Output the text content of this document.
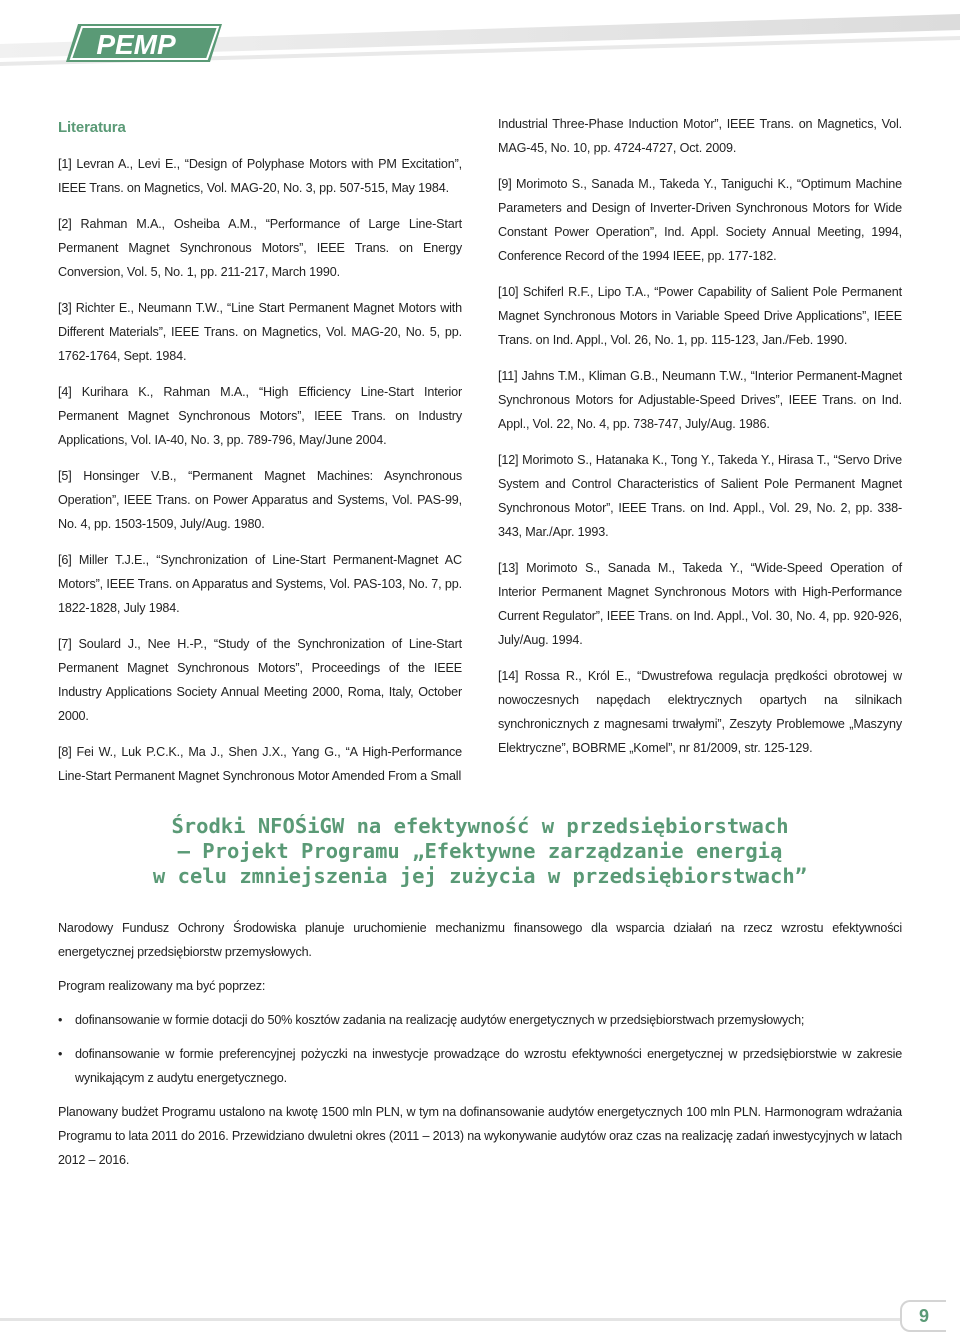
PEMP
Literatura

[1] Levran A., Levi E., “Design of Polyphase Motors with PM Excitation”, IEEE Trans. on Magnetics, Vol. MAG-20, No. 3, pp. 507-515, May 1984.

[2] Rahman M.A., Osheiba A.M., “Performance of Large Line-Start Permanent Magnet Synchronous Motors”, IEEE Trans. on Energy Conversion, Vol. 5, No. 1, pp. 211-217, March 1990.

[3] Richter E., Neumann T.W., “Line Start Permanent Magnet Motors with Different Materials”, IEEE Trans. on Magnetics, Vol. MAG-20, No. 5, pp. 1762-1764, Sept. 1984.

[4] Kurihara K., Rahman M.A., “High Efficiency Line-Start Interior Permanent Magnet Synchronous Motors”, IEEE Trans. on Industry Applications, Vol. IA-40, No. 3, pp. 789-796, May/June 2004.

[5] Honsinger V.B., “Permanent Magnet Machines: Asynchronous Operation”, IEEE Trans. on Power Apparatus and Systems, Vol. PAS-99, No. 4, pp. 1503-1509, July/Aug. 1980.

[6] Miller T.J.E., “Synchronization of Line-Start Permanent-Magnet AC Motors”, IEEE Trans. on Apparatus and Systems, Vol. PAS-103, No. 7, pp. 1822-1828, July 1984.

[7] Soulard J., Nee H.-P., “Study of the Synchronization of Line-Start Permanent Magnet Synchronous Motors”, Proceedings of the IEEE Industry Applications Society Annual Meeting 2000, Roma, Italy, October 2000.

[8] Fei W., Luk P.C.K., Ma J., Shen J.X., Yang G., “A High-Performance Line-Start Permanent Magnet Synchronous Motor Amended From a Small

Industrial Three-Phase Induction Motor”, IEEE Trans. on Magnetics, Vol. MAG-45, No. 10, pp. 4724-4727, Oct. 2009.

[9] Morimoto S., Sanada M., Takeda Y., Taniguchi K., “Optimum Machine Parameters and Design of Inverter-Driven Synchronous Motors for Wide Constant Power Operation”, Ind. Appl. Society Annual Meeting, 1994, Conference Record of the 1994 IEEE, pp. 177-182.

[10] Schiferl R.F., Lipo T.A., “Power Capability of Salient Pole Permanent Magnet Synchronous Motors in Variable Speed Drive Applications”, IEEE Trans. on Ind. Appl., Vol. 26, No. 1, pp. 115-123, Jan./Feb. 1990.

[11] Jahns T.M., Kliman G.B., Neumann T.W., “Interior Permanent-Magnet Synchronous Motors for Adjustable-Speed Drives”, IEEE Trans. on Ind. Appl., Vol. 22, No. 4, pp. 738-747, July/Aug. 1986.

[12] Morimoto S., Hatanaka K., Tong Y., Takeda Y., Hirasa T., “Servo Drive System and Control Characteristics of Salient Pole Permanent Magnet Synchronous Motor”, IEEE Trans. on Ind. Appl., Vol. 29, No. 2, pp. 338-343, Mar./Apr. 1993.

[13] Morimoto S., Sanada M., Takeda Y., “Wide-Speed Operation of Interior Permanent Magnet Synchronous Motors with High-Performance Current Regulator”, IEEE Trans. on Ind. Appl., Vol. 30, No. 4, pp. 920-926, July/Aug. 1994.

[14] Rossa R., Król E., “Dwustrefowa regulacja prędkości obrotowej w nowoczesnych napędach elektrycznych opartych na silnikach synchronicznych z magnesami trwałymi”, Zeszyty Problemowe „Maszyny Elektryczne”, BOBRME „Komel”, nr 81/2009, str. 125-129.

Środki NFOŚiGW na efektywność w przedsiębiorstwach
– Projekt Programu „Efektywne zarządzanie energią
w celu zmniejszenia jej zużycia w przedsiębiorstwach”

Narodowy Fundusz Ochrony Środowiska planuje uruchomienie mechanizmu finansowego dla wsparcia działań na rzecz wzrostu efektywności energetycznej przedsiębiorstw przemysłowych.

Program realizowany ma być poprzez:

• dofinansowanie w formie dotacji do 50% kosztów zadania na realizację audytów energetycznych w przedsiębiorstwach przemysłowych;
• dofinansowanie w formie preferencyjnej pożyczki na inwestycje prowadzące do wzrostu efektywności energetycznej w przedsiębiorstwie w zakresie wynikającym z audytu energetycznego.

Planowany budżet Programu ustalono na kwotę 1500 mln PLN, w tym na dofinansowanie audytów energetycznych 100 mln PLN. Harmonogram wdrażania Programu to lata 2011 do 2016. Przewidziano dwuletni okres (2011 – 2013) na wykonywanie audytów oraz czas na realizację zadań inwestycyjnych w latach 2012 – 2016.

9
